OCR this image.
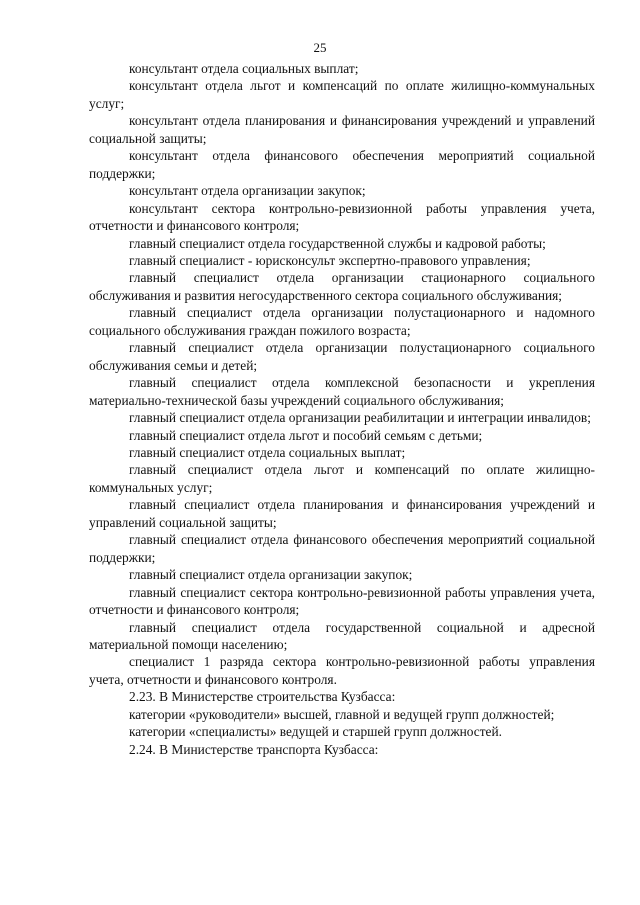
25

консультант отдела социальных выплат;

консультант отдела льгот и компенсаций по оплате жилищно-коммунальных услуг;

консультант отдела планирования и финансирования учреждений и управлений социальной защиты;

консультант отдела финансового обеспечения мероприятий социальной поддержки;

консультант отдела организации закупок;

консультант сектора контрольно-ревизионной работы управления учета, отчетности и финансового контроля;

главный специалист отдела государственной службы и кадровой работы;

главный специалист - юрисконсульт экспертно-правового управления;

главный специалист отдела организации стационарного социального обслуживания и развития негосударственного сектора социального обслуживания;

главный специалист отдела организации полустационарного и надомного социального обслуживания граждан пожилого возраста;

главный специалист отдела организации полустационарного социального обслуживания семьи и детей;

главный специалист отдела комплексной безопасности и укрепления материально-технической базы учреждений социального обслуживания;

главный специалист отдела организации реабилитации и интеграции инвалидов;

главный специалист отдела льгот и пособий семьям с детьми;

главный специалист отдела социальных выплат;

главный специалист отдела льгот и компенсаций по оплате жилищно-коммунальных услуг;

главный специалист отдела планирования и финансирования учреждений и управлений социальной защиты;

главный специалист отдела финансового обеспечения мероприятий социальной поддержки;

главный специалист отдела организации закупок;

главный специалист сектора контрольно-ревизионной работы управления учета, отчетности и финансового контроля;

главный специалист отдела государственной социальной и адресной материальной помощи населению;

специалист 1 разряда сектора контрольно-ревизионной работы управления учета, отчетности и финансового контроля.

2.23. В Министерстве строительства Кузбасса:

категории «руководители» высшей, главной и ведущей групп должностей;

категории «специалисты» ведущей и старшей групп должностей.

2.24. В Министерстве транспорта Кузбасса:
